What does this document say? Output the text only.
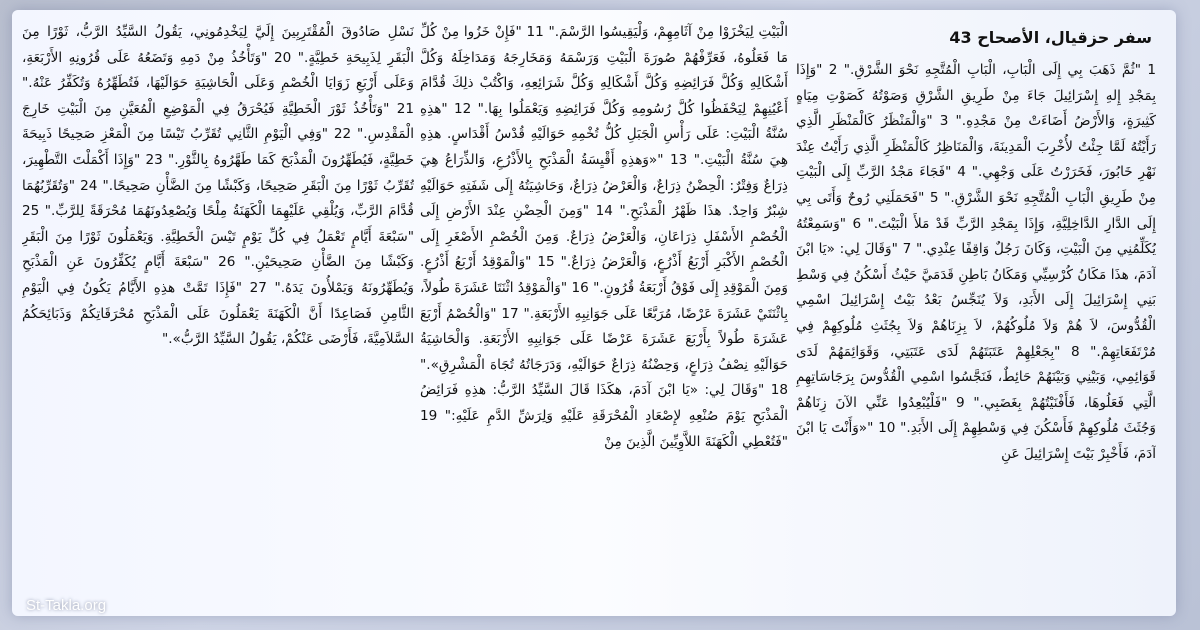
سفر حزقيال، الأصحاح 43

1 "ثُمَّ ذَهَبَ بِي إِلَى الْبَابِ، الْبَابِ الْمُتَّجِهِ نَحْوَ الشَّرْقِ." 2 "وَإِذَا بِمَجْدِ إِلهِ إِسْرَائِيلَ جَاءَ مِنْ طَرِيقِ الشَّرْقِ وَصَوْتُهُ كَصَوْتِ مِيَاهٍ كَثِيرَةٍ، وَالأَرْضُ أَضَاءَتْ مِنْ مَجْدِهِ." 3 "وَالْمَنْظَرُ كَالْمَنْظَرِ الَّذِي رَأَيْتُهُ لَمَّا جِئْتُ لأُخْرِبَ الْمَدِينَةَ، وَالْمَنَاظِرُ كَالْمَنْظَرِ الَّذِي رَأَيْتُ عِنْدَ نَهْرِ خَابُورَ، فَخَرَرْتُ عَلَى وَجْهِي." 4 "فَجَاءَ مَجْدُ الرَّبِّ إِلَى الْبَيْتِ مِنْ طَرِيقِ الْبَابِ الْمُتَّجِهِ نَحْوَ الشَّرْقِ." 5 "فَحَمَلَنِي رُوحٌ وَأَتَى بِي إِلَى الدَّارِ الدَّاخِلِيَّةِ، وَإِذَا بِمَجْدِ الرَّبِّ قَدْ مَلأَ الْبَيْتَ." 6 "وَسَمِعْتُهُ يُكَلِّمُنِي مِنَ الْبَيْتِ، وَكَانَ رَجُلٌ وَاقِفًا عِنْدِي." 7 "وَقَالَ لِي: «يَا ابْنَ آدَمَ، هذَا مَكَانُ كُرْسِيِّي وَمَكَانُ بَاطِنِ قَدَمَيَّ حَيْثُ أَسْكُنُ فِي وَسْطِ بَنِي إِسْرَائِيلَ إِلَى الأَبَدِ، وَلاَ يُنَجِّسُ بَعْدُ بَيْتُ إِسْرَائِيلَ اسْمِي الْقُدُّوسَ، لاَ هُمْ وَلاَ مُلُوكُهُمْ، لاَ بِزِنَاهُمْ وَلاَ بِجُثَثِ مُلُوكِهِمْ فِي مُرْتَفَعَاتِهِمْ." 8 "بِجَعْلِهِمْ عَتَبَتَهُمْ لَدَى عَتَبَتِي، وَقَوَائِمَهُمْ لَدَى قَوَائِمِي، وَبَيْنِي وَبَيْنَهُمْ حَائِطٌ، فَنَجَّسُوا اسْمِي الْقُدُّوسَ بِرَجَاسَاتِهِمِ الَّتِي فَعَلُوهَا، فَأَفْنَيْتُهُمْ بِغَضَبِي." 9 "فَلْيُبْعِدُوا عَنِّي الآنَ زِنَاهُمْ وَجُثَثَ مُلُوكِهِمْ فَأَسْكُنَ فِي وَسْطِهِمْ إِلَى الأَبَدِ." 10 "«وَأَنْتَ يَا ابْنَ آدَمَ، فَأَخْبِرْ بَيْتَ إِسْرَائِيلَ عَنِ

الْبَيْتِ لِيَخْزَوْا مِنْ آثَامِهِمْ، وَلْيَقِيسُوا الرَّسْمَ." 11 "فَإِنْ خَزُوا مِنْ كُلِّ مَا فَعَلُوهُ، فَعَرِّفْهُمْ صُورَةَ الْبَيْتِ وَرَسْمَهُ وَمَخَارِجَهُ وَمَدَاخِلَهُ وَكُلَّ أَشْكَالِهِ وَكُلَّ فَرَائِضِهِ وَكُلَّ أَشْكَالِهِ وَكُلَّ شَرَائِعِهِ، وَاكْتُبْ ذلِكَ قُدَّامَ أَعْيُنِهِمْ لِيَحْفَظُوا كُلَّ رُسُومِهِ وَكُلَّ فَرَائِضِهِ وَيَعْمَلُوا بِهَا." 12 "هذِهِ سُنَّةُ الْبَيْتِ: عَلَى رَأْسِ الْجَبَلِ كُلُّ تُخْمِهِ حَوَالَيْهِ قُدْسُ أَقْدَاسٍ. هذِهِ هِيَ سُنَّةُ الْبَيْتِ." 13 "«وَهذِهِ أَقْيِسَةُ الْمَذْبَحِ بِالأَذْرُعِ، وَالذِّرَاعُ هِيَ ذِرَاعٌ وَفِتْرٌ: الْحِضْنُ ذِرَاعٌ، وَالْعَرْضُ ذِرَاعٌ، وَحَاشِيَتُهُ إِلَى شَفَتِهِ حَوَالَيْهِ شِبْرٌ وَاحِدٌ. هذَا ظَهْرُ الْمَذْبَحِ." 14 "وَمِنَ الْحِضْنِ عِنْدَ الأَرْضِ إِلَى الْخُصْمِ الأَسْفَلِ ذِرَاعَانِ، وَالْعَرْضُ ذِرَاعٌ. وَمِنَ الْخُصْمِ الأَصْغَرِ إِلَى الْخُصْمِ الأَكْبَرِ أَرْبَعُ أَذْرُعٍ، وَالْعَرْضُ ذِرَاعٌ." 15 "وَالْمَوْقِدُ أَرْبَعُ أَذْرُعٍ. وَمِنَ الْمَوْقِدِ إِلَى فَوْقُ أَرْبَعَةُ قُرُونٍ." 16 "وَالْمَوْقِدُ اثْنَتَا عَشَرَةَ طُولاً، بِاثْنَتَيْ عَشَرَةَ عَرْضًا، مُرَبَّعًا عَلَى جَوَانِبِهِ الأَرْبَعَةِ." 17 "وَالْخُصْمُ أَرْبَعَ عَشَرَةَ طُولاً بِأَرْبَعَ عَشَرَةَ عَرْضًا عَلَى جَوَانِبِهِ الأَرْبَعَةِ. وَالْحَاشِيَةُ حَوَالَيْهِ نِصْفُ ذِرَاعٍ، وَحِضْنُهُ ذِرَاعٌ حَوَالَيْهِ، وَدَرَجَاتُهُ تُجَاهَ الْمَشْرِقِ»." 18 "وَقَالَ لِي: «يَا ابْنَ آدَمَ، هكَذَا قَالَ السَّيِّدُ الرَّبُّ: هذِهِ فَرَائِضُ الْمَذْبَحِ يَوْمَ صُنْعِهِ لإِصْعَادِ الْمُحْرَقَةِ عَلَيْهِ وَلِرَشِّ الدَّمِ عَلَيْهِ:" 19 "فَتُعْطِي الْكَهَنَةَ اللاَّوِيِّينَ الَّذِينَ مِنْ

نَسْلِ صَادُوقَ الْمُقْتَرِبِينَ إِلَيَّ لِيَخْدِمُونِي، يَقُولُ السَّيِّدُ الرَّبُّ، ثَوْرًا مِنَ الْبَقَرِ لِذَبِيحَةِ خَطِيَّةٍ." 20 "وَتَأْخُذُ مِنْ دَمِهِ وَتَضَعُهُ عَلَى قُرُونِهِ الأَرْبَعَةِ، وَعَلَى أَرْبَعِ زَوَايَا الْخُصْمِ وَعَلَى الْحَاشِيَةِ حَوَالَيْهَا، فَتُطَهِّرُهُ وَتُكَفِّرُ عَنْهُ." 21 "وَتَأْخُذُ ثَوْرَ الْخَطِيَّةِ فَيُحْرَقُ فِي الْمَوْضِعِ الْمُعَيَّنِ مِنَ الْبَيْتِ خَارِجَ الْمَقْدِسِ." 22 "وَفِي الْيَوْمِ الثَّانِي تُقَرِّبُ تَيْسًا مِنَ الْمَعْزِ صَحِيحًا ذَبِيحَةَ خَطِيَّةٍ، فَيُطَهِّرُونَ الْمَذْبَحَ كَمَا طَهَّرُوهُ بِالثَّوْرِ." 23 "وَإِذَا أَكْمَلْتَ التَّطْهِيرَ، تُقَرِّبُ ثَوْرًا مِنَ الْبَقَرِ صَحِيحًا، وَكَبْشًا مِنَ الضَّأْنِ صَحِيحًا." 24 "وَتُقَرِّبُهُمَا قُدَّامَ الرَّبِّ، وَيُلْقِي عَلَيْهِمَا الْكَهَنَةُ مِلْحًا وَيُصْعِدُونَهُمَا مُحْرَقَةً لِلرَّبِّ." 25 "سَبْعَةَ أَيَّامٍ تَعْمَلُ فِي كُلِّ يَوْمٍ تَيْسَ الْخَطِيَّةِ. وَيَعْمَلُونَ ثَوْرًا مِنَ الْبَقَرِ وَكَبْشًا مِنَ الضَّأْنِ صَحِيحَيْنِ." 26 "سَبْعَةَ أَيَّامٍ يُكَفِّرُونَ عَنِ الْمَذْبَحِ وَيُطَهِّرُونَهُ وَيَمْلأُونَ يَدَهُ." 27 "فَإِذَا تَمَّتْ هذِهِ الأَيَّامُ يَكُونُ فِي الْيَوْمِ الثَّامِنِ فَصَاعِدًا أَنَّ الْكَهَنَةَ يَعْمَلُونَ عَلَى الْمَذْبَحِ مُحْرَقَاتِكُمْ وَذَبَائِحَكُمُ السَّلاَمِيَّةَ، فَأَرْضَى عَنْكُمْ، يَقُولُ السَّيِّدُ الرَّبُّ»."

St-Takla.org
